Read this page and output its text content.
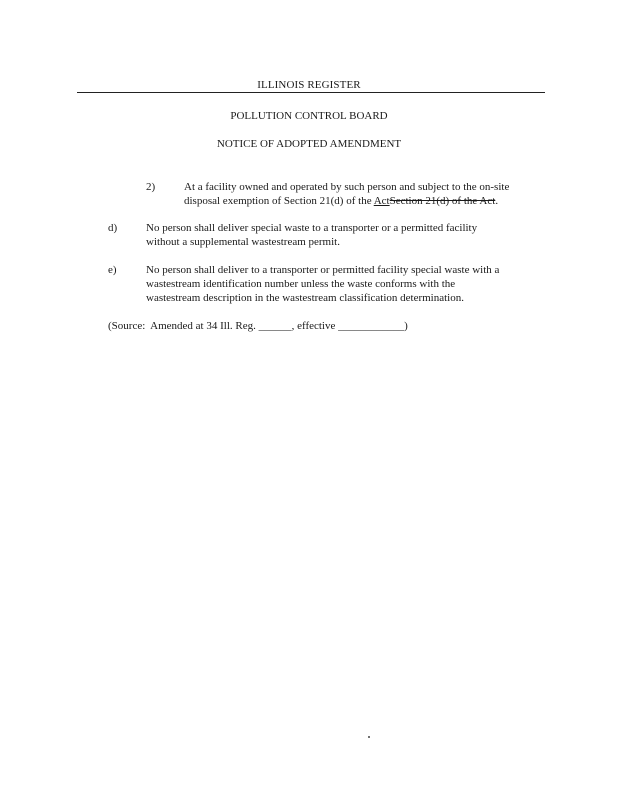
ILLINOIS REGISTER
POLLUTION CONTROL BOARD
NOTICE OF ADOPTED AMENDMENT
2)	At a facility owned and operated by such person and subject to the on-site
disposal exemption of Section 21(d) of the ActSection 21(d) of the Act.
d)	No person shall deliver special waste to a transporter or a permitted facility
without a supplemental wastestream permit.
e)	No person shall deliver to a transporter or permitted facility special waste with a
wastestream identification number unless the waste conforms with the
wastestream description in the wastestream classification determination.
(Source:  Amended at 34 Ill. Reg. ______, effective ____________)
